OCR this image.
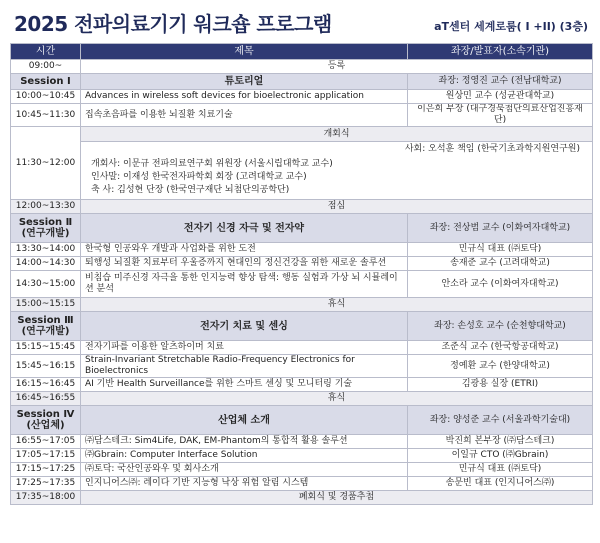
2025 전파의료기기 워크숍 프로그램	aT센터 세계로룸( I +II) (3층)
시간	제목	좌장/발표자(소속기관)
09:00~	등록	
Session Ⅰ	튜토리얼	좌장: 정영진 교수 (전남대학교)
10:00~10:45	Advances in wireless soft devices for bioelectronic application	원상민 교수 (성균관대학교)
10:45~11:30	집속초음파를 이용한 뇌질환 치료기술	이은희 부장 (대구경북첨단의료산업진흥재단)
11:30~12:00	개회식
사회: 오석훈 책임 (한국기초과학지원연구원)
개회사: 이문규 전파의료연구회 위원장 (서울시립대학교 교수)
인사말: 이재성 한국전자파학회 회장 (고려대학교 교수)
축 사: 김성현 단장 (한국연구재단 뇌첨단의공학단)	

12:00~13:30	점심	
Session Ⅱ (연구개발)	전자기 신경 자극 및 전자약	좌장: 전상범 교수 (이화여자대학교)
13:30~14:00	한국형 인공와우 개발과 사업화를 위한 도전	민규식 대표 (㈜토닥)
14:00~14:30	퇴행성 뇌질환 치료부터 우울증까지 현대인의 정신건강을 위한 새로운 솔루션	송재준 교수 (고려대학교)
14:30~15:00	비침습 미주신경 자극을 통한 인지능력 향상 탐색: 행동 실험과 가상 뇌 시뮬레이션 분석	안소라 교수 (이화여자대학교)
15:00~15:15	휴식	
Session Ⅲ (연구개발)	전자기 치료 및 센싱	좌장: 손성호 교수 (순천향대학교)
15:15~15:45	전자기파를 이용한 알츠하이머 치료	조준식 교수 (한국항공대학교)
15:45~16:15	Strain-Invariant Stretchable Radio-Frequency Electronics for Bioelectronics	정예환 교수 (한양대학교)
16:15~16:45	AI 기반 Health Surveillance를 위한 스마트 센싱 및 모니터링 기술	김광용 실장 (ETRI)
16:45~16:55	휴식	
Session Ⅳ (산업체)	산업체 소개	좌장: 양성준 교수 (서울과학기술대)
16:55~17:05	㈜담스테크: Sim4Life, DAK, EM-Phantom의 통합적 활용 솔루션	박진희 본부장 (㈜담스테크)
17:05~17:15	㈜Gbrain: Computer Interface Solution	이일규 CTO (㈜Gbrain)
17:15~17:25	㈜토닥: 국산인공와우 및 회사소개	민규식 대표 (㈜토닥)
17:25~17:35	인지니어스㈜: 레이다 기반 지능형 낙상 위험 알림 시스템	송문빈 대표 (인지니어스㈜)
17:35~18:00	폐회식 및 경품추첨	
